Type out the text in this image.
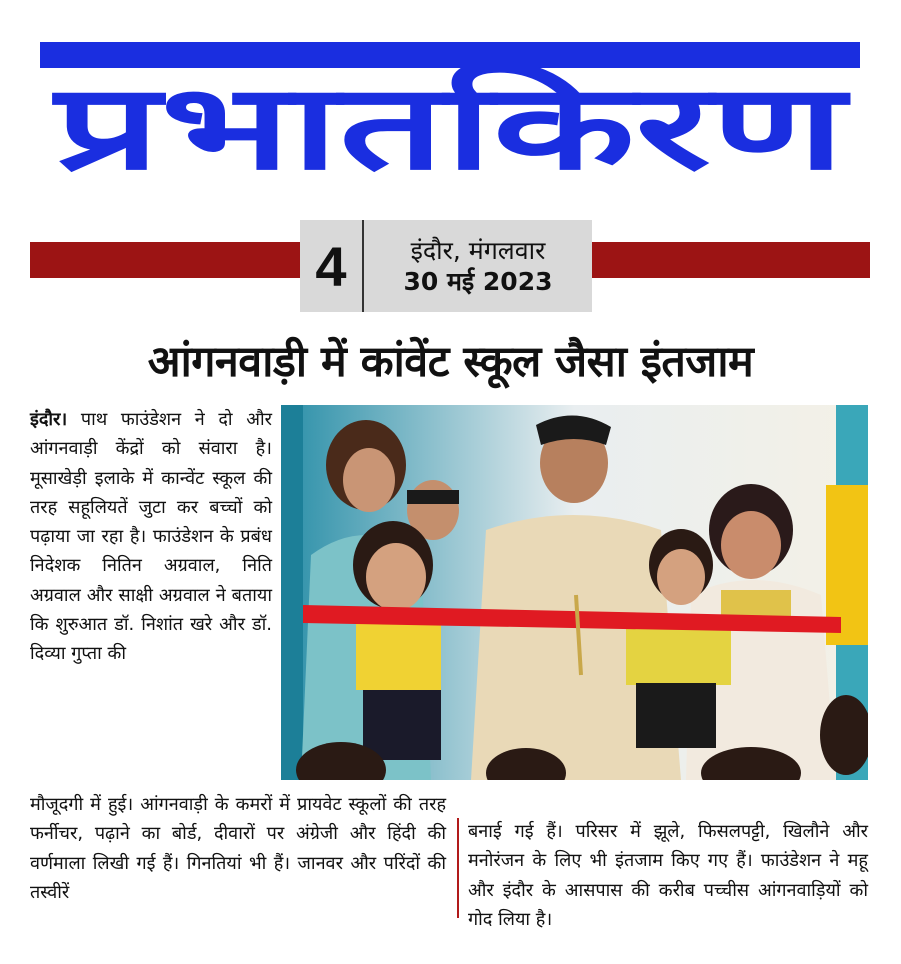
प्रभातकिरण
4	इंदौर, मंगलवार
30 मई 2023
आंगनवाड़ी में कांवेंट स्कूल जैसा इंतजाम
इंदौर। पाथ फाउंडेशन ने दो और आंगनवाड़ी केंद्रों को संवारा है। मूसाखेड़ी इलाके में कान्वेंट स्कूल की तरह सहूलियतें जुटा कर बच्चों को पढ़ाया जा रहा है। फाउंडेशन के प्रबंध निदेशक नितिन अग्रवाल, निति अग्रवाल और साक्षी अग्रवाल ने बताया कि शुरुआत डॉ. निशांत खरे और डॉ. दिव्या गुप्ता की
मौजूदगी में हुई। आंगनवाड़ी के कमरों में प्रायवेट स्कूलों की तरह फर्नीचर, पढ़ाने का बोर्ड, दीवारों पर अंग्रेजी और हिंदी की वर्णमाला लिखी गई हैं। गिनतियां भी हैं। जानवर और परिंदों की तस्वीरें
बनाई गई हैं। परिसर में झूले, फिसलपट्टी, खिलौने और मनोरंजन के लिए भी इंतजाम किए गए हैं। फाउंडेशन ने महू और इंदौर के आसपास की करीब पच्चीस आंगनवाड़ियों को गोद लिया है।
